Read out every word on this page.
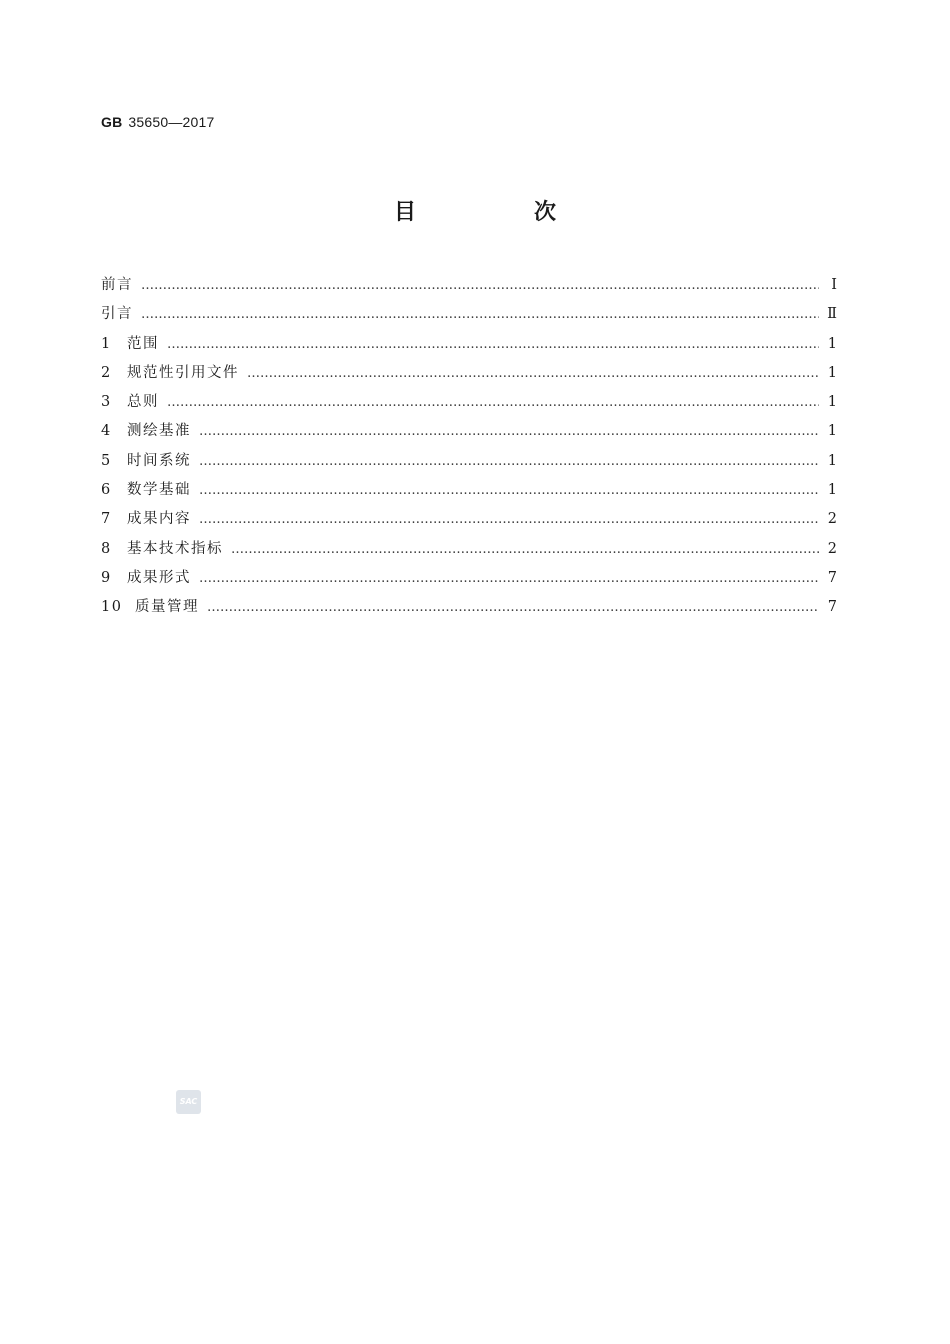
GB 35650—2017
目　次
前言 ………………………………………………………………………………………………………………………………………………………………………………………………	Ⅰ
引言 ………………………………………………………………………………………………………………………………………………………………………………………………	Ⅱ
1	范围 ………………………………………………………………………………………………………………………………………………………………………………………………	1
2	规范性引用文件 ………………………………………………………………………………………………………………………………………………………………………………………………	1
3	总则 ………………………………………………………………………………………………………………………………………………………………………………………………	1
4	测绘基准 ………………………………………………………………………………………………………………………………………………………………………………………………	1
5	时间系统 ………………………………………………………………………………………………………………………………………………………………………………………………	1
6	数学基础 ………………………………………………………………………………………………………………………………………………………………………………………………	1
7	成果内容 ………………………………………………………………………………………………………………………………………………………………………………………………	2
8	基本技术指标 ………………………………………………………………………………………………………………………………………………………………………………………………	2
9	成果形式 ………………………………………………………………………………………………………………………………………………………………………………………………	7
10 质量管理 ………………………………………………………………………………………………………………………………………………………………………………………………	7
SAC
